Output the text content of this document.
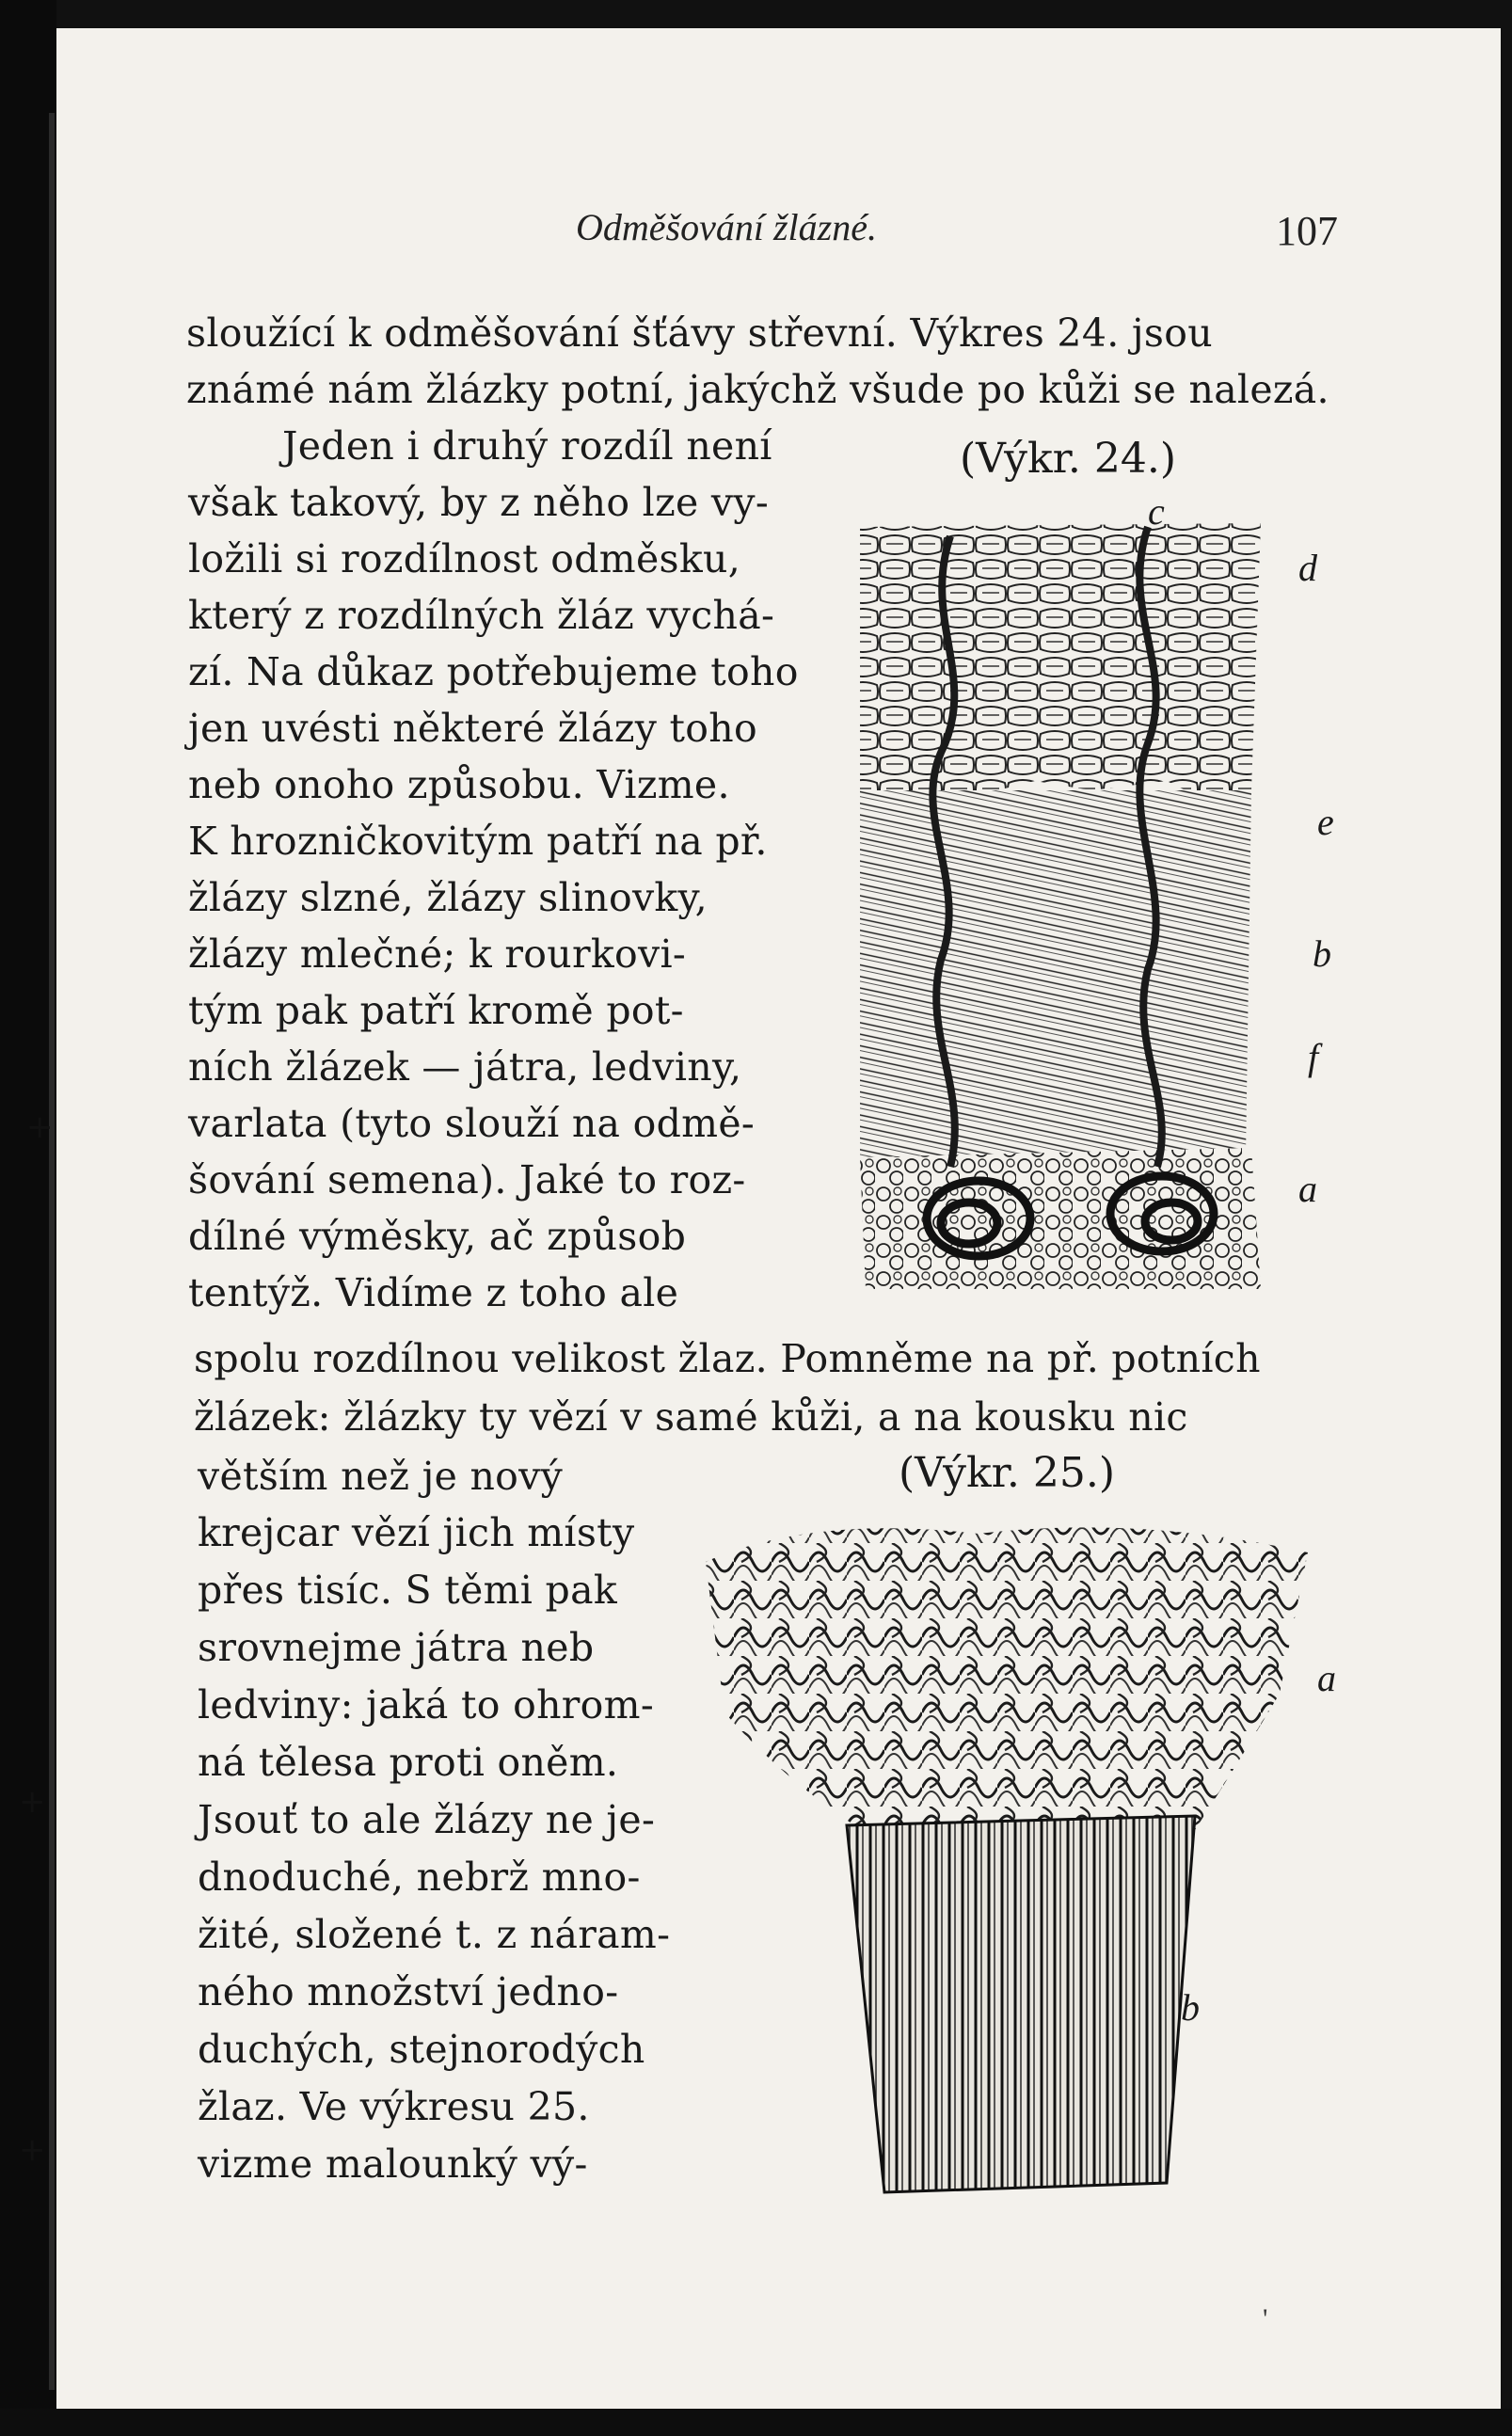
+
+
+
Odměšování žlázné.	107
sloužící k odměšování šťávy střevní. Výkres 24. jsou
známé nám žlázky potní, jakýchž všude po kůži se nalezá.
Jeden i druhý rozdíl není
však takový, by z něho lze vy-
ložili si rozdílnost odměsku,
který z rozdílných žláz vychá-
zí. Na důkaz potřebujeme toho
jen uvésti některé žlázy toho
neb onoho způsobu. Vizme.
K hrozničkovitým patří na př.
žlázy slzné, žlázy slinovky,
žlázy mlečné; k rourkovi-
tým pak patří kromě pot-
ních žlázek — játra, ledviny,
varlata (tyto slouží na odmě-
šování semena). Jaké to roz-
dílné výměsky, ač způsob
tentýž. Vidíme z toho ale
spolu rozdílnou velikost žlaz. Pomněme na př. potních
žlázek: žlázky ty vězí v samé kůži, a na kousku nic
větším než je nový
krejcar vězí jich místy
přes tisíc. S těmi pak
srovnejme játra neb
ledviny: jaká to ohrom-
ná tělesa proti oněm.
Jsouť to ale žlázy ne je-
dnoduché, nebrž mno-
žité, složené t. z náram-
ného množství jedno-
duchých, stejnorodých
žlaz. Ve výkresu 25.
vizme malounký vý-
(Výkr. 24.)
c
d
e
b
f
a
(Výkr. 25.)
a
b
'
